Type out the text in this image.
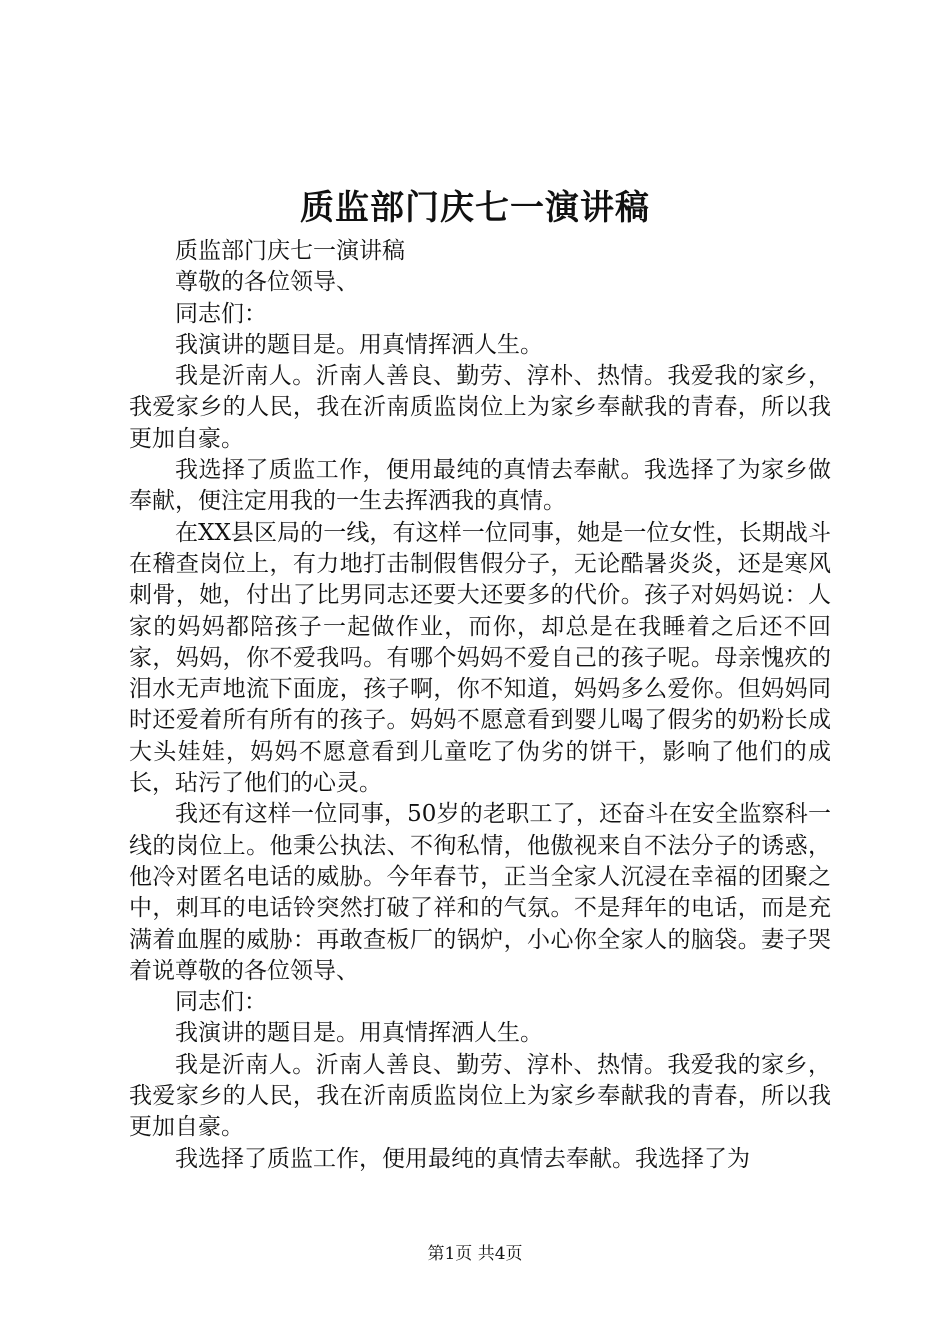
质监部门庆七一演讲稿

质监部门庆七一演讲稿

尊敬的各位领导、

同志们：

我演讲的题目是。用真情挥洒人生。

我是沂南人。沂南人善良、勤劳、淳朴、热情。我爱我的家乡，我爱家乡的人民，我在沂南质监岗位上为家乡奉献我的青春，所以我更加自豪。

我选择了质监工作，便用最纯的真情去奉献。我选择了为家乡做奉献，便注定用我的一生去挥洒我的真情。

在XX县区局的一线，有这样一位同事，她是一位女性，长期战斗在稽查岗位上，有力地打击制假售假分子，无论酷暑炎炎，还是寒风刺骨，她，付出了比男同志还要大还要多的代价。孩子对妈妈说：人家的妈妈都陪孩子一起做作业，而你，却总是在我睡着之后还不回家，妈妈，你不爱我吗。有哪个妈妈不爱自己的孩子呢。母亲愧疚的泪水无声地流下面庞，孩子啊，你不知道，妈妈多么爱你。但妈妈同时还爱着所有所有的孩子。妈妈不愿意看到婴儿喝了假劣的奶粉长成大头娃娃，妈妈不愿意看到儿童吃了伪劣的饼干，影响了他们的成长，玷污了他们的心灵。

我还有这样一位同事，50岁的老职工了，还奋斗在安全监察科一线的岗位上。他秉公执法、不徇私情，他傲视来自不法分子的诱惑，他冷对匿名电话的威胁。今年春节，正当全家人沉浸在幸福的团聚之中，刺耳的电话铃突然打破了祥和的气氛。不是拜年的电话，而是充满着血腥的威胁：再敢查板厂的锅炉，小心你全家人的脑袋。妻子哭着说尊敬的各位领导、

同志们：

我演讲的题目是。用真情挥洒人生。

我是沂南人。沂南人善良、勤劳、淳朴、热情。我爱我的家乡，我爱家乡的人民，我在沂南质监岗位上为家乡奉献我的青春，所以我更加自豪。

我选择了质监工作，便用最纯的真情去奉献。我选择了为

第1页 共4页
